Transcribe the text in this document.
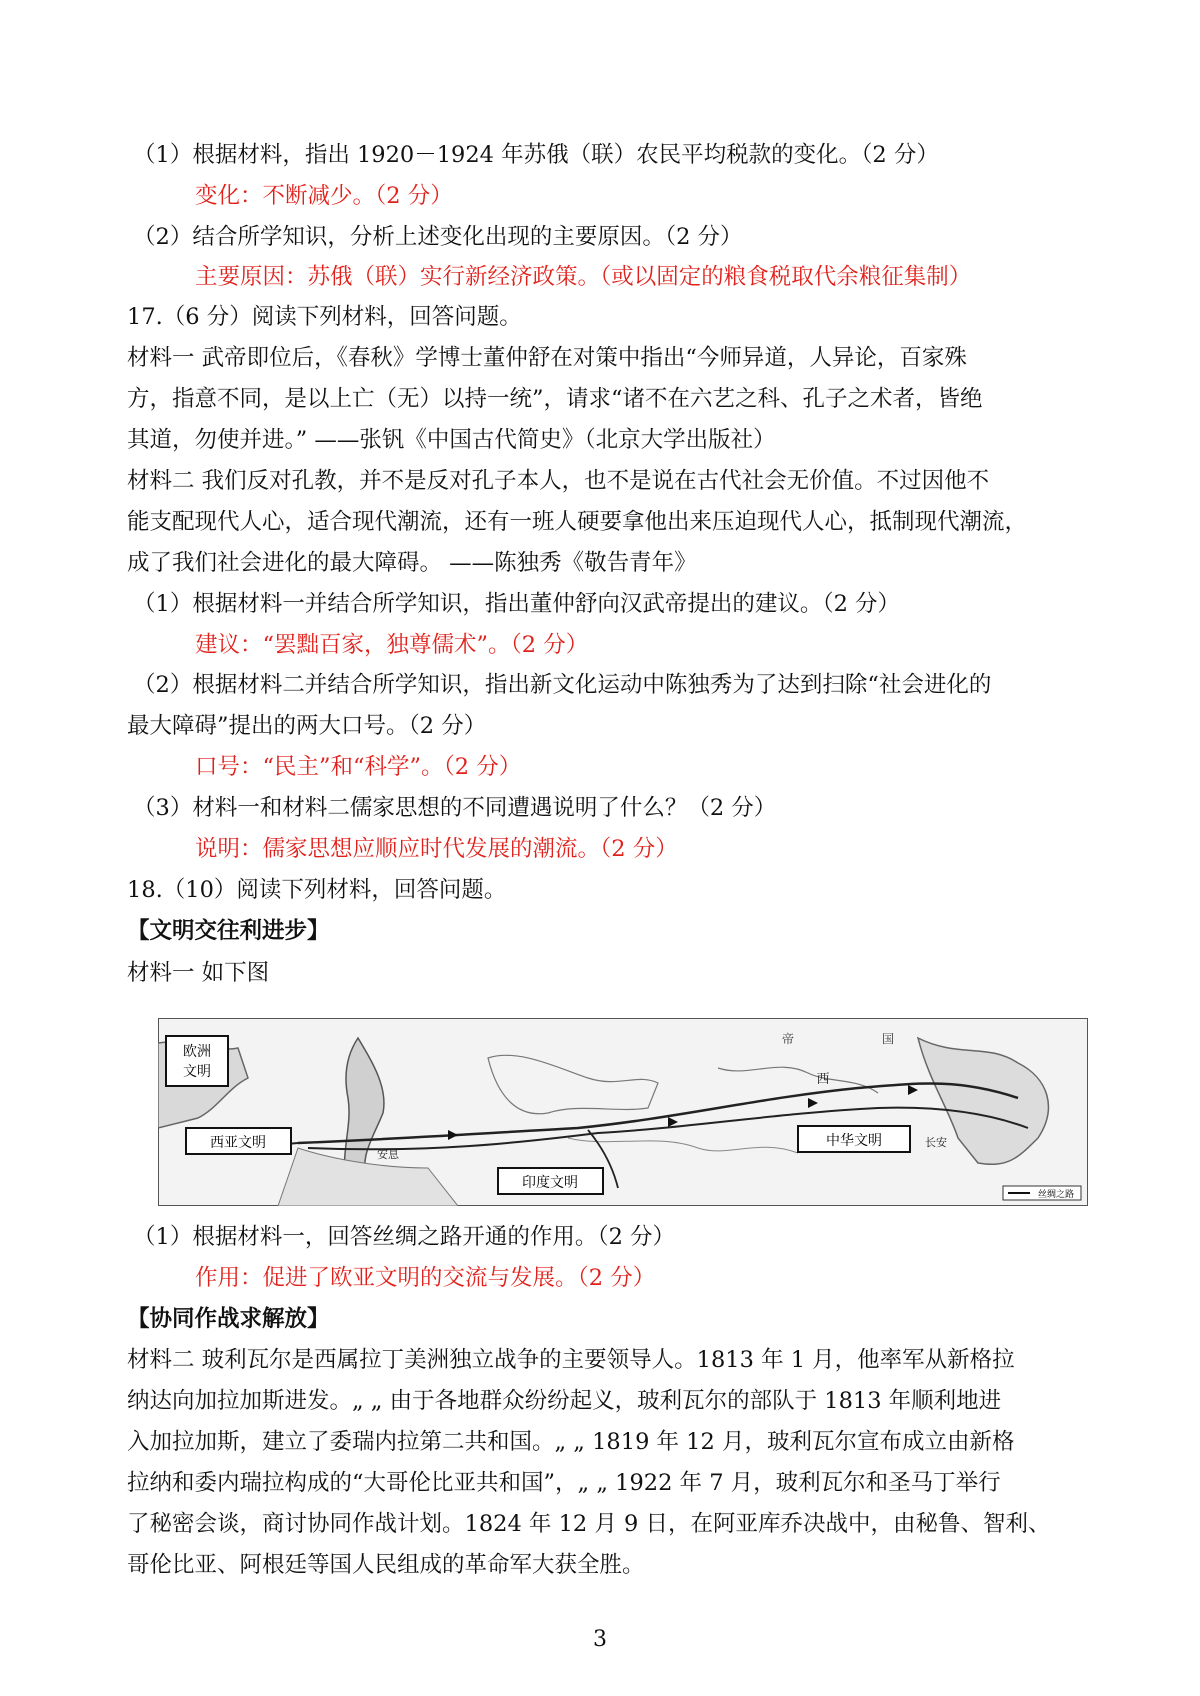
（1）根据材料，指出 1920－1924 年苏俄（联）农民平均税款的变化。（2 分）
变化：不断减少。（2 分）
（2）结合所学知识，分析上述变化出现的主要原因。（2 分）
主要原因：苏俄（联）实行新经济政策。（或以固定的粮食税取代余粮征集制）
17.（6 分）阅读下列材料，回答问题。
材料一 武帝即位后，《春秋》学博士董仲舒在对策中指出“今师异道，人异论，百家殊
方，指意不同，是以上亡（无）以持一统”，请求“诸不在六艺之科、孔子之术者，皆绝
其道，勿使并进。” ——张钒《中国古代简史》（北京大学出版社）
材料二 我们反对孔教，并不是反对孔子本人，也不是说在古代社会无价值。不过因他不
能支配现代人心，适合现代潮流，还有一班人硬要拿他出来压迫现代人心，抵制现代潮流，
成了我们社会进化的最大障碍。 ——陈独秀《敬告青年》
（1）根据材料一并结合所学知识，指出董仲舒向汉武帝提出的建议。（2 分）
建议：“罢黜百家，独尊儒术”。（2 分）
（2）根据材料二并结合所学知识，指出新文化运动中陈独秀为了达到扫除“社会进化的
最大障碍”提出的两大口号。（2 分）
口号：“民主”和“科学”。（2 分）
（3）材料一和材料二儒家思想的不同遭遇说明了什么？（2 分）
说明：儒家思想应顺应时代发展的潮流。（2 分）
18.（10）阅读下列材料，回答问题。
【文明交往利进步】
材料一 如下图
欧洲
文明
西亚文明
印度文明
中华文明
帝	国
西
长安
安息
丝绸之路
（1）根据材料一，回答丝绸之路开通的作用。（2 分）
作用：促进了欧亚文明的交流与发展。（2 分）
【协同作战求解放】
材料二 玻利瓦尔是西属拉丁美洲独立战争的主要领导人。1813 年 1 月，他率军从新格拉
纳达向加拉加斯进发。„ „ 由于各地群众纷纷起义，玻利瓦尔的部队于 1813 年顺利地进
入加拉加斯，建立了委瑞内拉第二共和国。„ „ 1819 年 12 月，玻利瓦尔宣布成立由新格
拉纳和委内瑞拉构成的“大哥伦比亚共和国”，„ „ 1922 年 7 月，玻利瓦尔和圣马丁举行
了秘密会谈，商讨协同作战计划。1824 年 12 月 9 日，在阿亚库乔决战中，由秘鲁、智利、
哥伦比亚、阿根廷等国人民组成的革命军大获全胜。
3
